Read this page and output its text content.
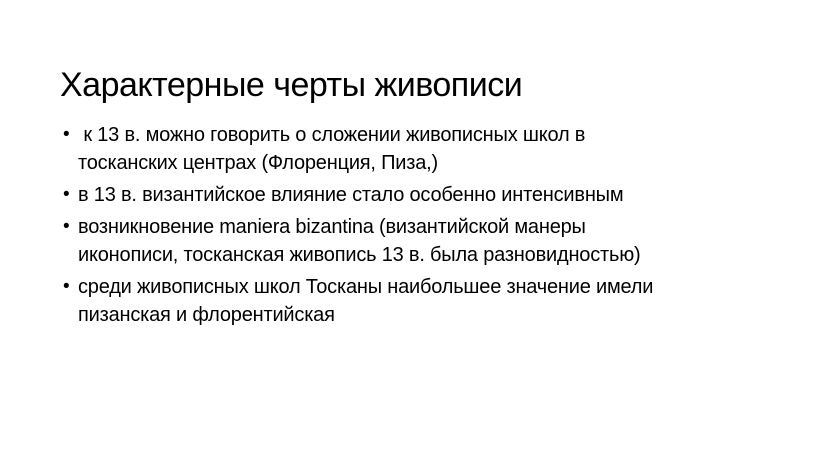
Характерные черты живописи
• к 13 в. можно говорить о сложении живописных школ в
тосканских центрах (Флоренция, Пиза,)
• в 13 в. византийское влияние стало особенно интенсивным
• возникновение maniera bizantina (византийской манеры
иконописи, тосканская живопись 13 в. была разновидностью)
• среди живописных школ Тосканы наибольшее значение имели
пизанская и флорентийская
